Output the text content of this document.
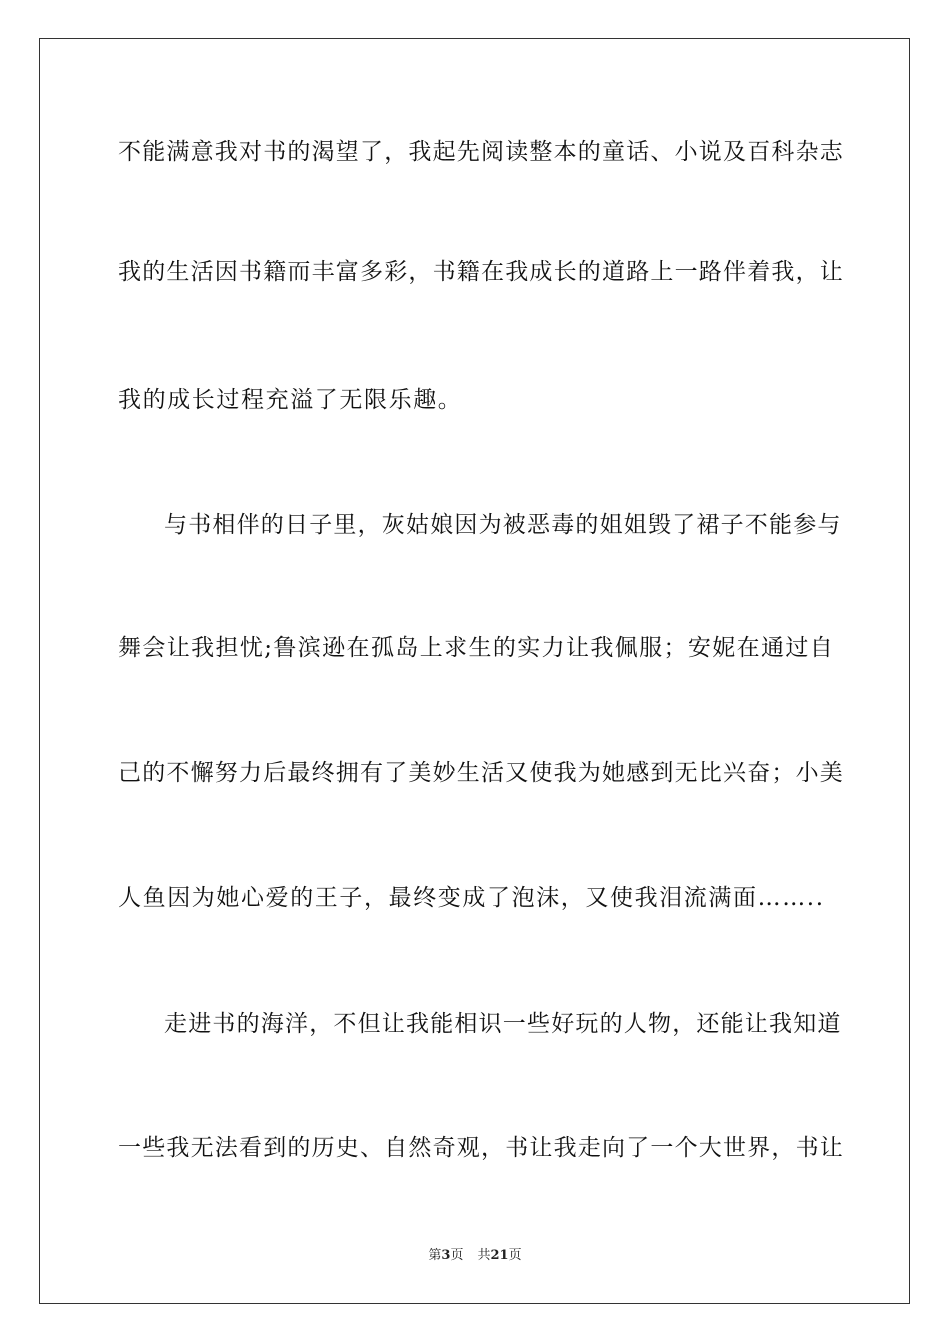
不能满意我对书的渴望了，我起先阅读整本的童话、小说及百科杂志
我的生活因书籍而丰富多彩，书籍在我成长的道路上一路伴着我，让
我的成长过程充溢了无限乐趣。
与书相伴的日子里，灰姑娘因为被恶毒的姐姐毁了裙子不能参与
舞会让我担忧;鲁滨逊在孤岛上求生的实力让我佩服；安妮在通过自
己的不懈努力后最终拥有了美妙生活又使我为她感到无比兴奋；小美
人鱼因为她心爱的王子，最终变成了泡沫，又使我泪流满面……..
走进书的海洋，不但让我能相识一些好玩的人物，还能让我知道
一些我无法看到的历史、自然奇观，书让我走向了一个大世界，书让
第3页 共21页
